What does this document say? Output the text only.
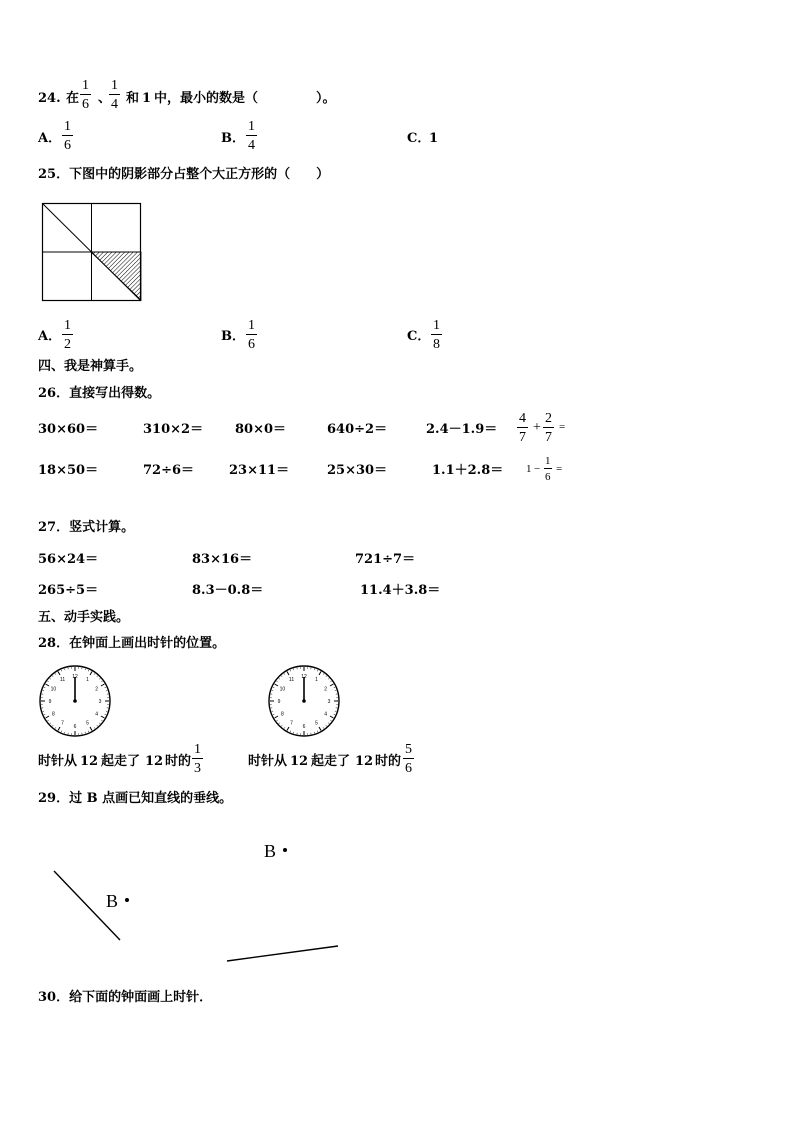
24. 在
1
6 、
1
4 和 1 中，最小的数是（	）。
A．
1
6	B．
1
4	C．
1
25．下图中的阴影部分占整个大正方形的（　　）
A．
1
2
B．
1
6
C．
1
8
四、我是神算手。
26．直接写出得数。
30×60＝	310×2＝ 80×0＝	640÷2＝	2.4－1.9＝
4
7
+
2
7
=
18×50＝	72÷6＝	23×11＝	25×30＝	1.1＋2.8＝ 1 −
1
6
=
27．竖式计算。
56×24＝	83×16＝	721÷7＝
265÷5＝	8.3－0.8＝	11.4＋3.8＝
五、动手实践。
28．在钟面上画出时针的位置。
12
1
2
3
4
5
6
7
8
9
10
11
12
1
2
3
4
5
6
7
8
9
10
11
时针从 12 起走了 12 时的
1
3	时针从 12 起走了 12 时的
5
6
29．过 B 点画已知直线的垂线。
B
B
30．给下面的钟面画上时针．
